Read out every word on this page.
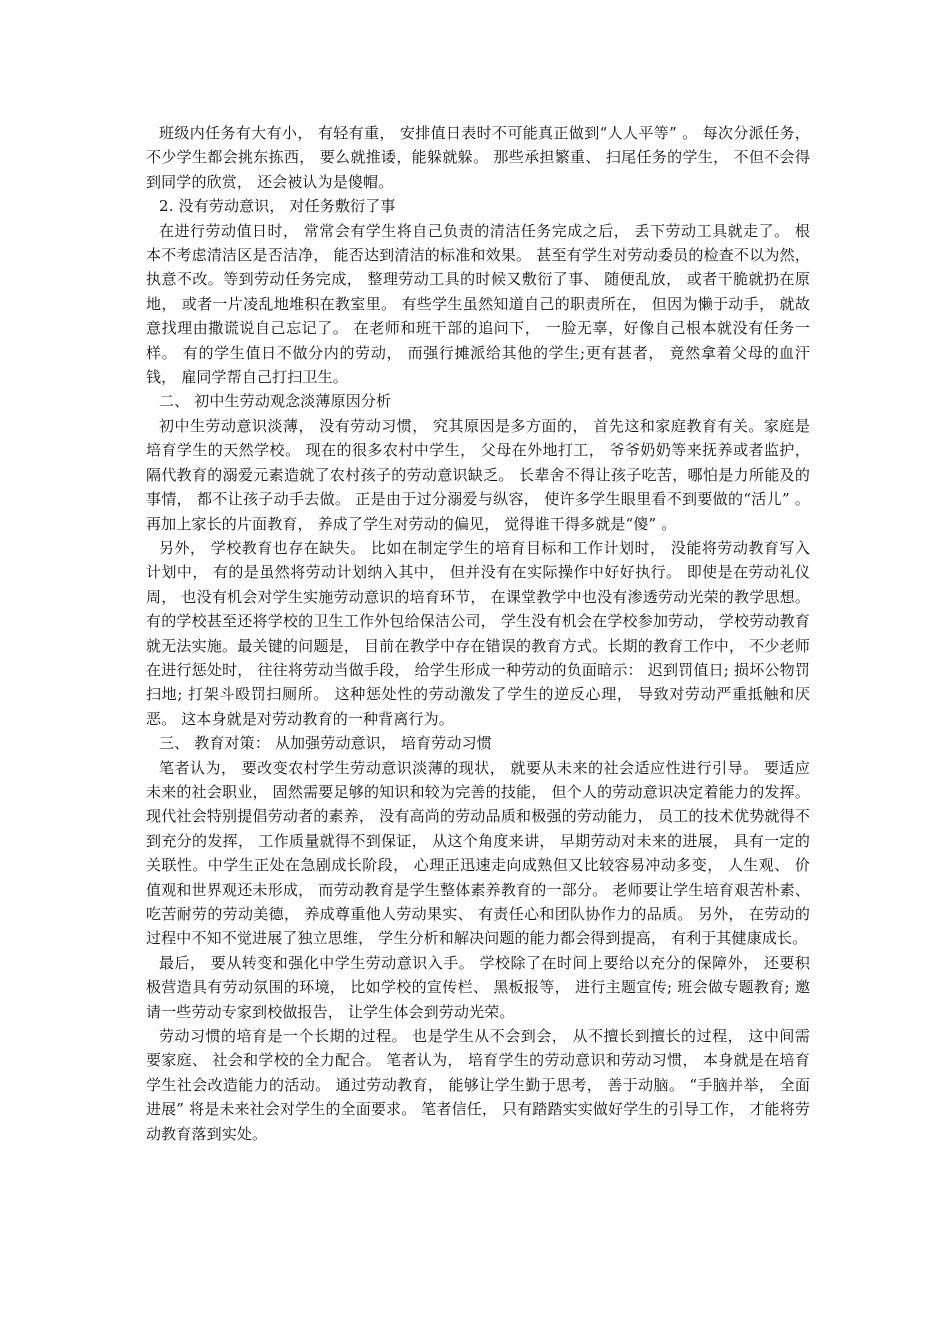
班级内任务有大有小， 有轻有重， 安排值日表时不可能真正做到“人人平等” 。 每次分派任务， 不少学生都会挑东拣西， 要么就推诿，能躲就躲。 那些承担繁重、 扫尾任务的学生， 不但不会得到同学的欣赏， 还会被认为是傻帽。

2. 没有劳动意识， 对任务敷衍了事

在进行劳动值日时， 常常会有学生将自己负责的清洁任务完成之后， 丢下劳动工具就走了。 根本不考虑清洁区是否洁净， 能否达到清洁的标准和效果。 甚至有学生对劳动委员的检查不以为然， 执意不改。等到劳动任务完成， 整理劳动工具的时候又敷衍了事、 随便乱放， 或者干脆就扔在原地， 或者一片凌乱地堆积在教室里。 有些学生虽然知道自己的职责所在， 但因为懒于动手， 就故意找理由撒谎说自己忘记了。 在老师和班干部的追问下， 一脸无辜，好像自己根本就没有任务一样。 有的学生值日不做分内的劳动， 而强行摊派给其他的学生;更有甚者， 竟然拿着父母的血汗钱， 雇同学帮自己打扫卫生。

二、 初中生劳动观念淡薄原因分析

初中生劳动意识淡薄， 没有劳动习惯， 究其原因是多方面的， 首先这和家庭教育有关。家庭是培育学生的天然学校。 现在的很多农村中学生， 父母在外地打工， 爷爷奶奶等来抚养或者监护， 隔代教育的溺爱元素造就了农村孩子的劳动意识缺乏。 长辈舍不得让孩子吃苦，哪怕是力所能及的事情， 都不让孩子动手去做。 正是由于过分溺爱与纵容， 使许多学生眼里看不到要做的“活儿” 。 再加上家长的片面教育， 养成了学生对劳动的偏见， 觉得谁干得多就是“傻” 。

另外， 学校教育也存在缺失。 比如在制定学生的培育目标和工作计划时， 没能将劳动教育写入计划中， 有的是虽然将劳动计划纳入其中， 但并没有在实际操作中好好执行。 即使是在劳动礼仪周， 也没有机会对学生实施劳动意识的培育环节， 在课堂教学中也没有渗透劳动光荣的教学思想。 有的学校甚至还将学校的卫生工作外包给保洁公司， 学生没有机会在学校参加劳动， 学校劳动教育就无法实施。最关键的问题是， 目前在教学中存在错误的教育方式。长期的教育工作中， 不少老师在进行惩处时， 往往将劳动当做手段， 给学生形成一种劳动的负面暗示： 迟到罚值日; 损坏公物罚扫地; 打架斗殴罚扫厕所。 这种惩处性的劳动激发了学生的逆反心理， 导致对劳动严重抵触和厌恶。 这本身就是对劳动教育的一种背离行为。

三、 教育对策： 从加强劳动意识， 培育劳动习惯

笔者认为， 要改变农村学生劳动意识淡薄的现状， 就要从未来的社会适应性进行引导。 要适应未来的社会职业， 固然需要足够的知识和较为完善的技能， 但个人的劳动意识决定着能力的发挥。 现代社会特别提倡劳动者的素养， 没有高尚的劳动品质和极强的劳动能力， 员工的技术优势就得不到充分的发挥， 工作质量就得不到保证， 从这个角度来讲， 早期劳动对未来的进展， 具有一定的关联性。中学生正处在急剧成长阶段， 心理正迅速走向成熟但又比较容易冲动多变， 人生观、 价值观和世界观还未形成， 而劳动教育是学生整体素养教育的一部分。 老师要让学生培育艰苦朴素、 吃苦耐劳的劳动美德， 养成尊重他人劳动果实、 有责任心和团队协作力的品质。 另外， 在劳动的过程中不知不觉进展了独立思维， 学生分析和解决问题的能力都会得到提高， 有利于其健康成长。

最后， 要从转变和强化中学生劳动意识入手。 学校除了在时间上要给以充分的保障外， 还要积极营造具有劳动氛围的环境， 比如学校的宣传栏、 黑板报等， 进行主题宣传; 班会做专题教育; 邀请一些劳动专家到校做报告， 让学生体会到劳动光荣。

劳动习惯的培育是一个长期的过程。 也是学生从不会到会， 从不擅长到擅长的过程， 这中间需要家庭、 社会和学校的全力配合。 笔者认为， 培育学生的劳动意识和劳动习惯， 本身就是在培育学生社会改造能力的活动。 通过劳动教育， 能够让学生勤于思考， 善于动脑。 “手脑并举， 全面进展” 将是未来社会对学生的全面要求。 笔者信任， 只有踏踏实实做好学生的引导工作， 才能将劳动教育落到实处。
